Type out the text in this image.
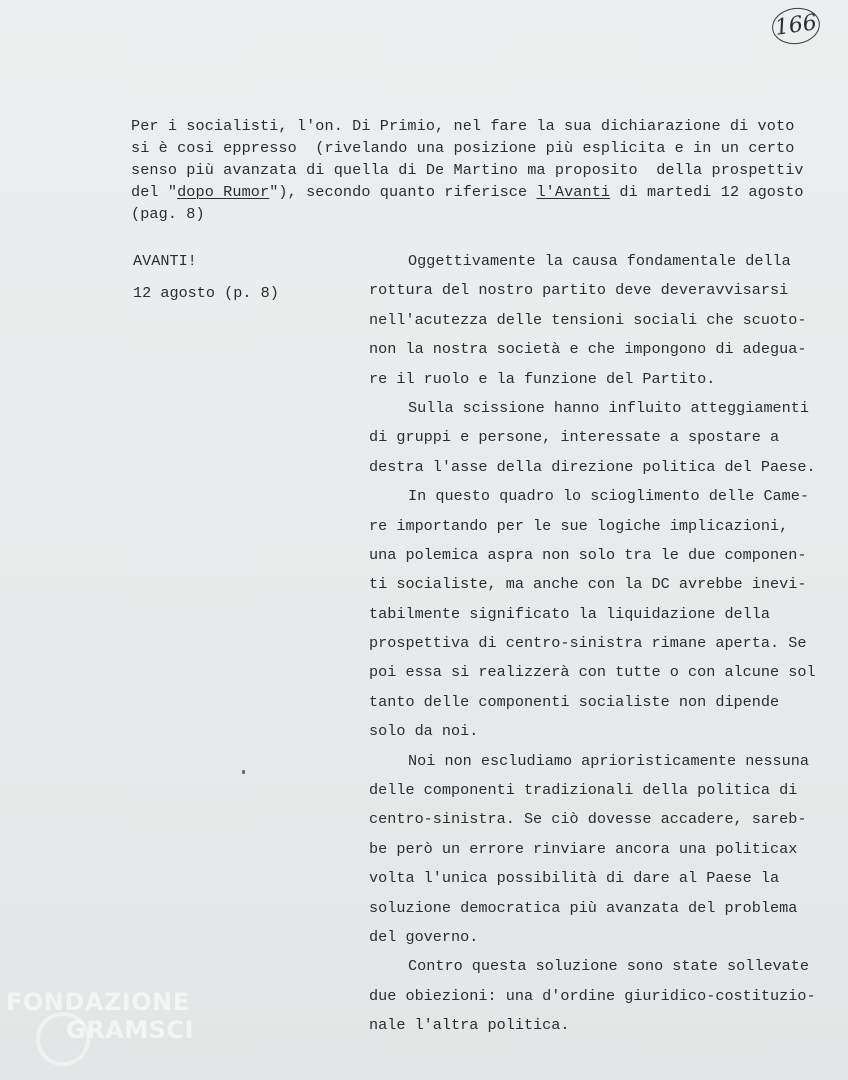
166

Per i socialisti, l'on. Di Primio, nel fare la sua dichiarazione di voto
si è cosi eppresso  (rivelando una posizione più esplicita e in un certo
senso più avanzata di quella di De Martino ma proposito  della prospettiv
del "dopo Rumor"), secondo quanto riferisce l'Avanti di martedi 12 agosto
(pag. 8)

AVANTI!
12 agosto (p. 8)
Oggettivamente la causa fondamentale della
rottura del nostro partito deve deveravvisarsi
nell'acutezza delle tensioni sociali che scuoto-
non la nostra società e che impongono di adegua-
re il ruolo e la funzione del Partito.
Sulla scissione hanno influito atteggiamenti
di gruppi e persone, interessate a spostare a
destra l'asse della direzione politica del Paese.
In questo quadro lo scioglimento delle Came-
re importando per le sue logiche implicazioni,
una polemica aspra non solo tra le due componen-
ti socialiste, ma anche con la DC avrebbe inevi-
tabilmente significato la liquidazione della
prospettiva di centro-sinistra rimane aperta. Se
poi essa si realizzerà con tutte o con alcune sol
tanto delle componenti socialiste non dipende
solo da noi.
Noi non escludiamo aprioristicamente nessuna
delle componenti tradizionali della politica di
centro-sinistra. Se ciò dovesse accadere, sareb-
be però un errore rinviare ancora una politicax
volta l'unica possibilità di dare al Paese la
soluzione democratica più avanzata del problema
del governo.
Contro questa soluzione sono state sollevate
due obiezioni: una d'ordine giuridico-costituzio-
nale l'altra politica.
FONDAZIONE
GRAMSCI
